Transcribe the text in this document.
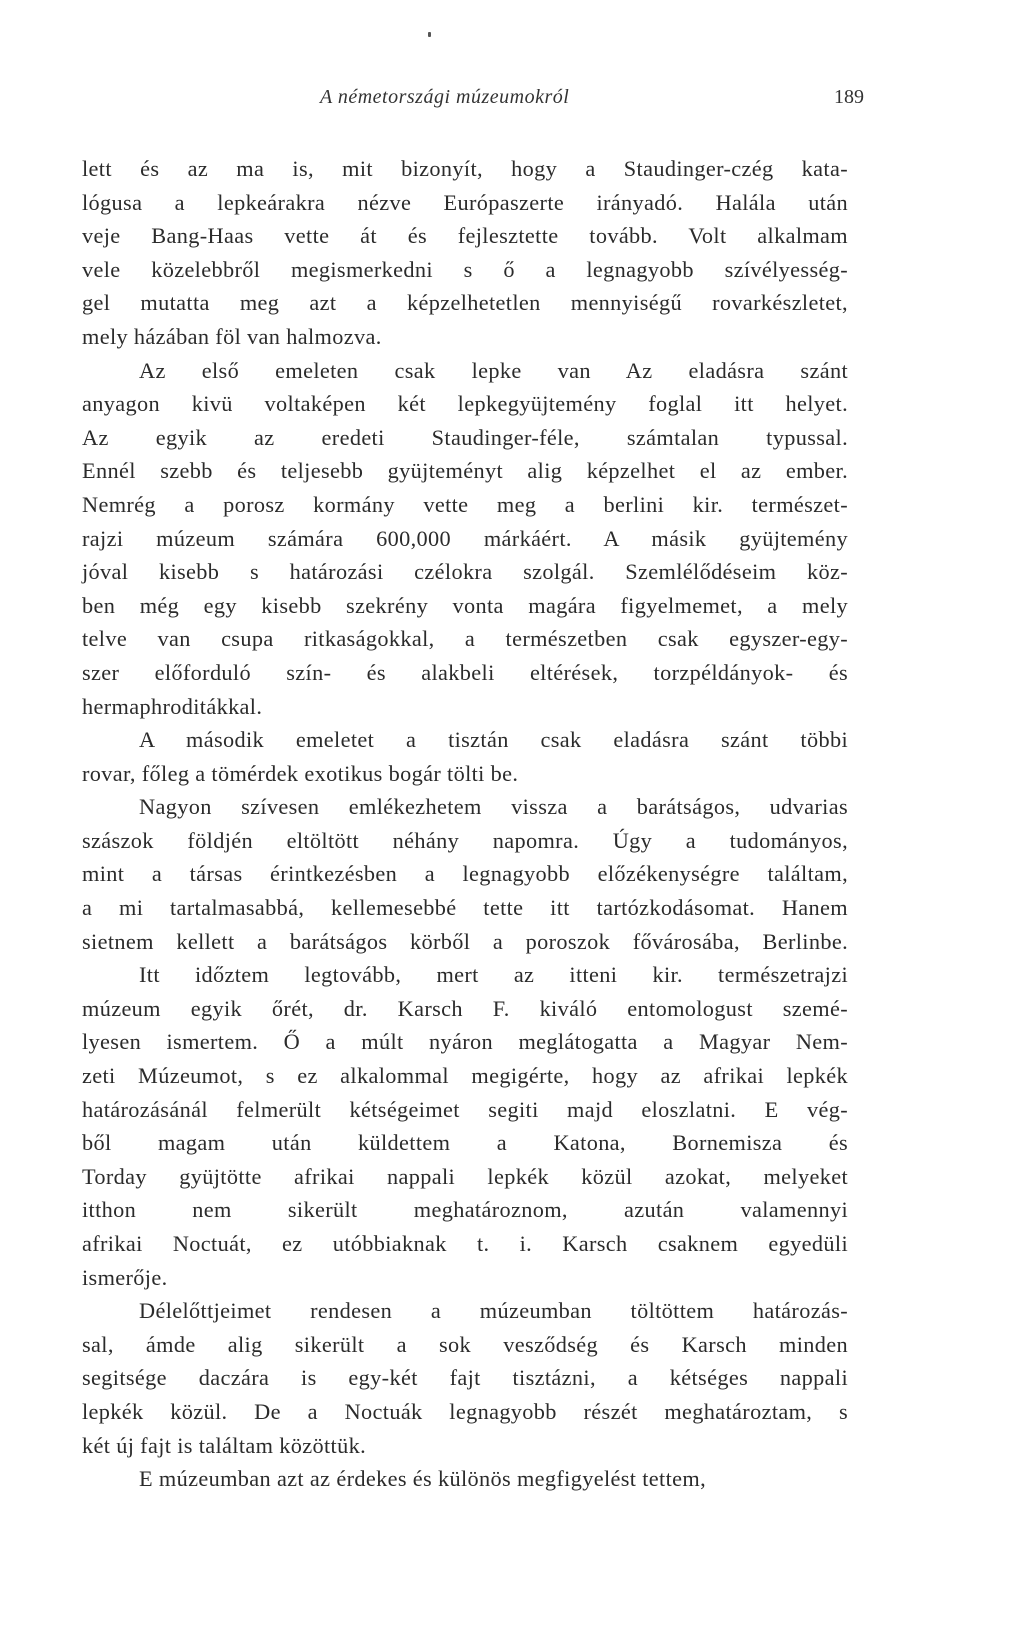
A németországi múzeumokról	189
lett és az ma is, mit bizonyít, hogy a Staudinger-czég kata-
lógusa a lepkeárakra nézve Európaszerte irányadó. Halála után
veje Bang-Haas vette át és fejlesztette tovább. Volt alkalmam
vele közelebbről megismerkedni s ő a legnagyobb szívélyesség-
gel mutatta meg azt a képzelhetetlen mennyiségű rovarkészletet,
mely házában föl van halmozva.
Az első emeleten csak lepke van Az eladásra szánt
anyagon kivü voltaképen két lepkegyüjtemény foglal itt helyet.
Az egyik az eredeti Staudinger-féle, számtalan typussal.
Ennél szebb és teljesebb gyüjteményt alig képzelhet el az ember.
Nemrég a porosz kormány vette meg a berlini kir. természet-
rajzi múzeum számára 600,000 márkáért. A másik gyüjtemény
jóval kisebb s határozási czélokra szolgál. Szemlélődéseim köz-
ben még egy kisebb szekrény vonta magára figyelmemet, a mely
telve van csupa ritkaságokkal, a természetben csak egyszer-egy-
szer előforduló szín- és alakbeli eltérések, torzpéldányok- és
hermaphroditákkal.
A második emeletet a tisztán csak eladásra szánt többi
rovar, főleg a tömérdek exotikus bogár tölti be.
Nagyon szívesen emlékezhetem vissza a barátságos, udvarias
szászok földjén eltöltött néhány napomra. Úgy a tudományos,
mint a társas érintkezésben a legnagyobb előzékenységre találtam,
a mi tartalmasabbá, kellemesebbé tette itt tartózkodásomat. Hanem
sietnem kellett a barátságos körből a poroszok fővárosába, Berlinbe.
Itt időztem legtovább, mert az itteni kir. természetrajzi
múzeum egyik őrét, dr. Karsch F. kiváló entomologust szemé-
lyesen ismertem. Ő a múlt nyáron meglátogatta a Magyar Nem-
zeti Múzeumot, s ez alkalommal megigérte, hogy az afrikai lepkék
határozásánál felmerült kétségeimet segiti majd eloszlatni. E vég-
ből magam után küldettem a Katona, Bornemisza és
Torday gyüjtötte afrikai nappali lepkék közül azokat, melyeket
itthon nem sikerült meghatároznom, azután valamennyi
afrikai Noctuát, ez utóbbiaknak t. i. Karsch csaknem egyedüli
ismerője.
Délelőttjeimet rendesen a múzeumban töltöttem határozás-
sal, ámde alig sikerült a sok vesződség és Karsch minden
segitsége daczára is egy-két fajt tisztázni, a kétséges nappali
lepkék közül. De a Noctuák legnagyobb részét meghatároztam, s
két új fajt is találtam közöttük.
E múzeumban azt az érdekes és különös megfigyelést tettem,
